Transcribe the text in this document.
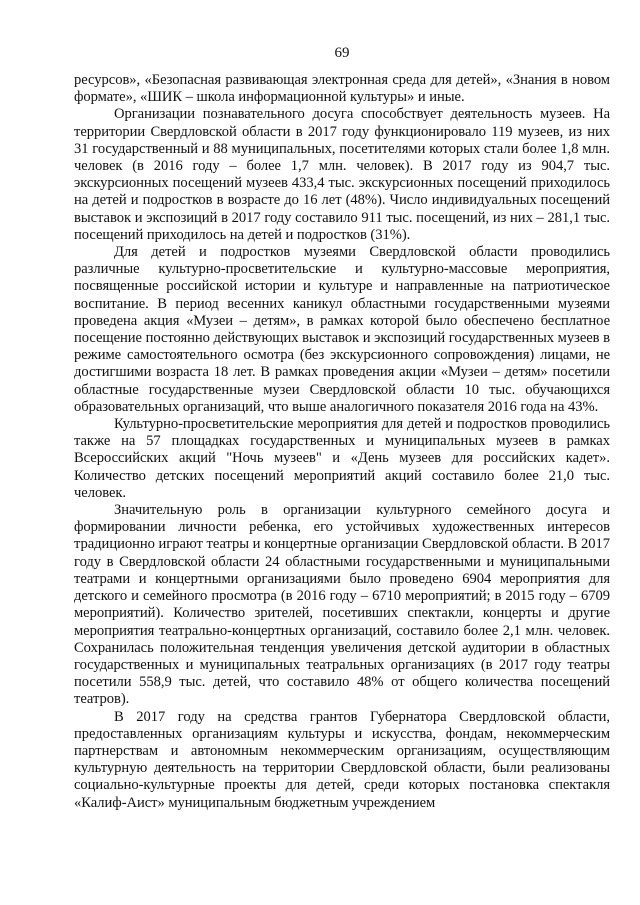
69

ресурсов», «Безопасная развивающая электронная среда для детей», «Знания в новом формате», «ШИК – школа информационной культуры» и иные.

Организации познавательного досуга способствует деятельность музеев. На территории Свердловской области в 2017 году функционировало 119 музеев, из них 31 государственный и 88 муниципальных, посетителями которых стали более 1,8 млн. человек (в 2016 году – более 1,7 млн. человек). В 2017 году из 904,7 тыс. экскурсионных посещений музеев 433,4 тыс. экскурсионных посещений приходилось на детей и подростков в возрасте до 16 лет (48%). Число индивидуальных посещений выставок и экспозиций в 2017 году составило 911 тыс. посещений, из них – 281,1 тыс. посещений приходилось на детей и подростков (31%).

Для детей и подростков музеями Свердловской области проводились различные культурно-просветительские и культурно-массовые мероприятия, посвященные российской истории и культуре и направленные на патриотическое воспитание. В период весенних каникул областными государственными музеями проведена акция «Музеи – детям», в рамках которой было обеспечено бесплатное посещение постоянно действующих выставок и экспозиций государственных музеев в режиме самостоятельного осмотра (без экскурсионного сопровождения) лицами, не достигшими возраста 18 лет. В рамках проведения акции «Музеи – детям» посетили областные государственные музеи Свердловской области 10 тыс. обучающихся образовательных организаций, что выше аналогичного показателя 2016 года на 43%.

Культурно-просветительские мероприятия для детей и подростков проводились также на 57 площадках государственных и муниципальных музеев в рамках Всероссийских акций "Ночь музеев" и «День музеев для российских кадет». Количество детских посещений мероприятий акций составило более 21,0 тыс. человек.

Значительную роль в организации культурного семейного досуга и формировании личности ребенка, его устойчивых художественных интересов традиционно играют театры и концертные организации Свердловской области. В 2017 году в Свердловской области 24 областными государственными и муниципальными театрами и концертными организациями было проведено 6904 мероприятия для детского и семейного просмотра (в 2016 году – 6710 мероприятий; в 2015 году – 6709 мероприятий). Количество зрителей, посетивших спектакли, концерты и другие мероприятия театрально-концертных организаций, составило более 2,1 млн. человек. Сохранилась положительная тенденция увеличения детской аудитории в областных государственных и муниципальных театральных организациях (в 2017 году театры посетили 558,9 тыс. детей, что составило 48% от общего количества посещений театров).

В 2017 году на средства грантов Губернатора Свердловской области, предоставленных организациям культуры и искусства, фондам, некоммерческим партнерствам и автономным некоммерческим организациям, осуществляющим культурную деятельность на территории Свердловской области, были реализованы социально-культурные проекты для детей, среди которых постановка спектакля «Калиф-Аист» муниципальным бюджетным учреждением
